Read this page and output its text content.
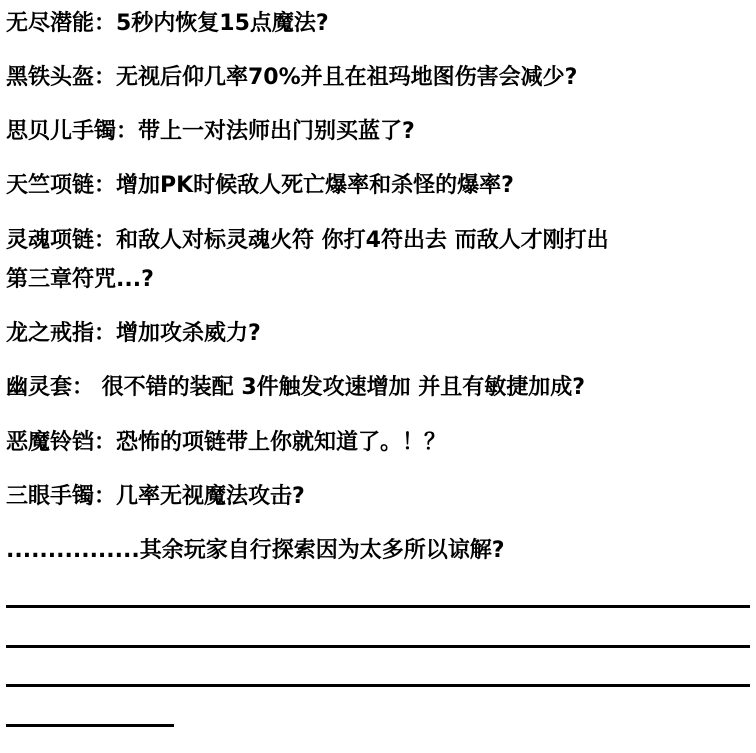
无尽潜能：5秒内恢复15点魔法?

黑铁头盔：无视后仰几率70%并且在祖玛地图伤害会减少?

思贝儿手镯：带上一对法师出门别买蓝了?

天竺项链：增加PK时候敌人死亡爆率和杀怪的爆率?

灵魂项链：和敌人对标灵魂火符 你打4符出去 而敌人才刚打出

第三章符咒...?

龙之戒指：增加攻杀威力?

幽灵套： 很不错的装配 3件触发攻速增加 并且有敏捷加成?

恶魔铃铛：恐怖的项链带上你就知道了。！？

三眼手镯：几率无视魔法攻击?

................其余玩家自行探索因为太多所以谅解?
